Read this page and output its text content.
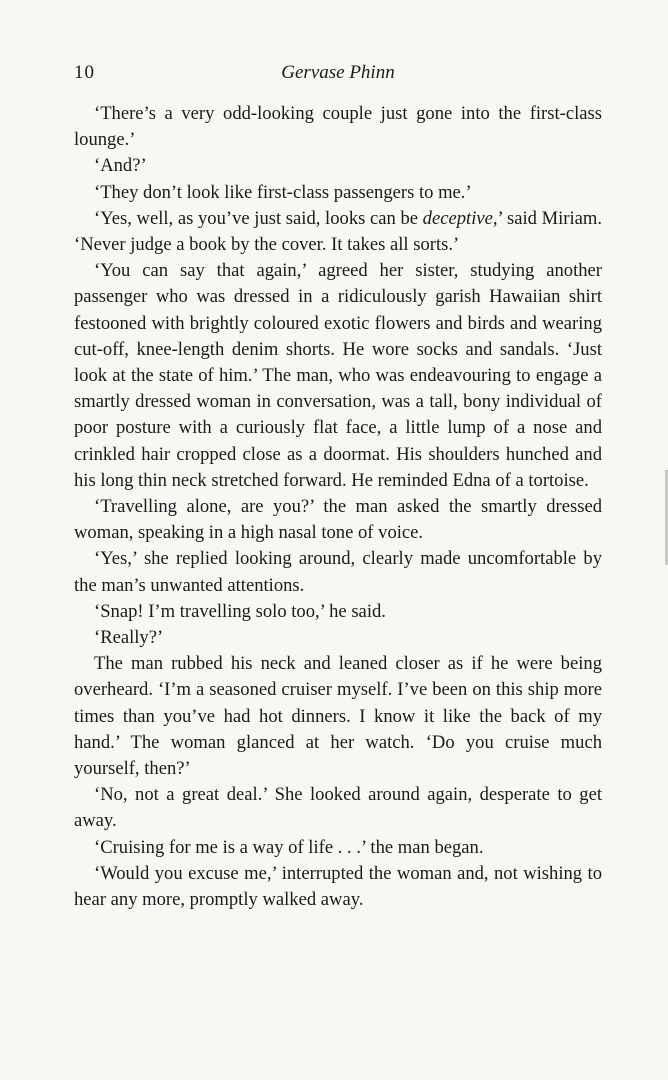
10	Gervase Phinn

‘There’s a very odd-looking couple just gone into the first-class lounge.’

‘And?’

‘They don’t look like first-class passengers to me.’

‘Yes, well, as you’ve just said, looks can be deceptive,’ said Miriam. ‘Never judge a book by the cover. It takes all sorts.’

‘You can say that again,’ agreed her sister, studying another passenger who was dressed in a ridiculously garish Hawaiian shirt festooned with brightly coloured exotic flowers and birds and wearing cut-off, knee-length denim shorts. He wore socks and sandals. ‘Just look at the state of him.’ The man, who was endeavouring to engage a smartly dressed woman in conversation, was a tall, bony individual of poor posture with a curiously flat face, a little lump of a nose and crinkled hair cropped close as a doormat. His shoulders hunched and his long thin neck stretched forward. He reminded Edna of a tortoise.

‘Travelling alone, are you?’ the man asked the smartly dressed woman, speaking in a high nasal tone of voice.

‘Yes,’ she replied looking around, clearly made uncomfortable by the man’s unwanted attentions.

‘Snap! I’m travelling solo too,’ he said.

‘Really?’

The man rubbed his neck and leaned closer as if he were being overheard. ‘I’m a seasoned cruiser myself. I’ve been on this ship more times than you’ve had hot dinners. I know it like the back of my hand.’ The woman glanced at her watch. ‘Do you cruise much yourself, then?’

‘No, not a great deal.’ She looked around again, desperate to get away.

‘Cruising for me is a way of life . . .’ the man began.

‘Would you excuse me,’ interrupted the woman and, not wishing to hear any more, promptly walked away.
